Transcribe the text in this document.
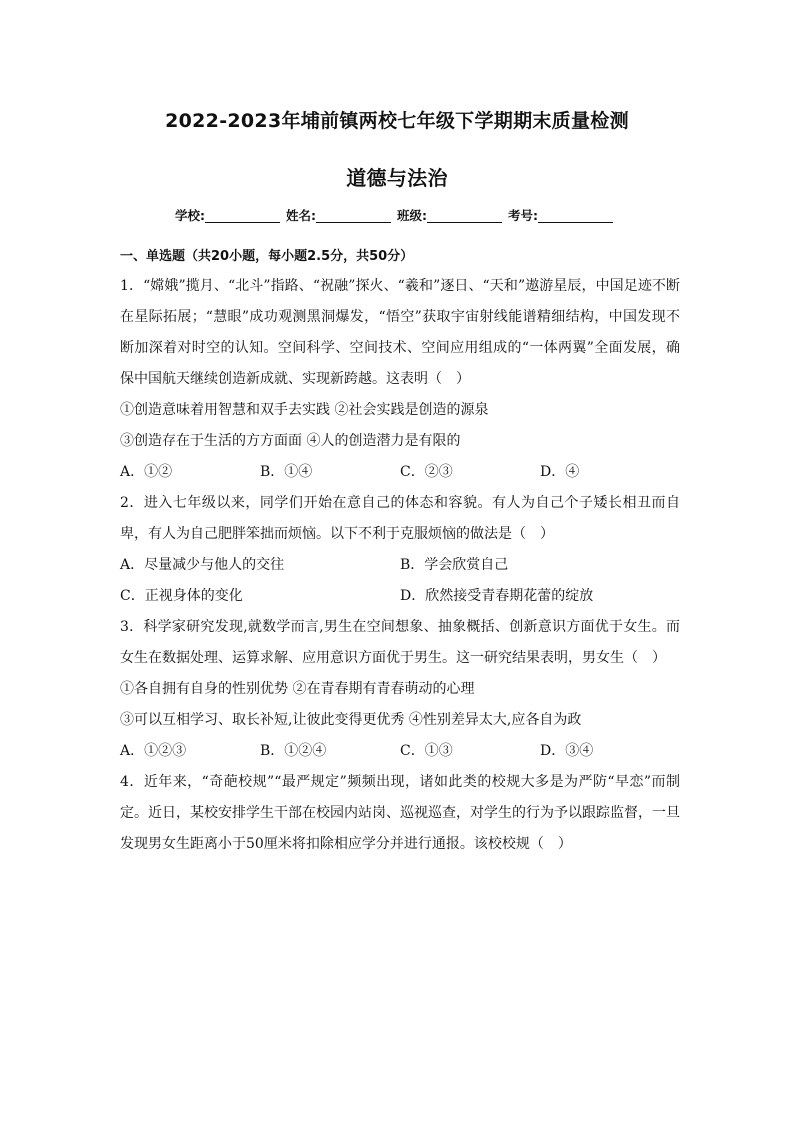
2022-2023年埔前镇两校七年级下学期期末质量检测
道德与法治
学校:	姓名:	班级:	考号:
一、单选题（共20小题，每小题2.5分，共50分）
1．“嫦娥”揽月、“北斗”指路、“祝融”探火、“羲和”逐日、“天和”遨游星辰，中国足迹不断在星际拓展；“慧眼”成功观测黑洞爆发，“悟空”获取宇宙射线能谱精细结构，中国发现不断加深着对时空的认知。空间科学、空间技术、空间应用组成的“一体两翼”全面发展，确保中国航天继续创造新成就、实现新跨越。这表明（　）
①创造意味着用智慧和双手去实践 ②社会实践是创造的源泉
③创造存在于生活的方方面面 ④人的创造潜力是有限的
A．①②	B．①④	C．②③	D．④
2．进入七年级以来，同学们开始在意自己的体态和容貌。有人为自己个子矮长相丑而自卑，有人为自己肥胖笨拙而烦恼。以下不利于克服烦恼的做法是（　）
A．尽量减少与他人的交往	B．学会欣赏自己
C．正视身体的变化	D．欣然接受青春期花蕾的绽放
3．科学家研究发现,就数学而言,男生在空间想象、抽象概括、创新意识方面优于女生。而女生在数据处理、运算求解、应用意识方面优于男生。这一研究结果表明，男女生（　）
①各自拥有自身的性别优势 ②在青春期有青春萌动的心理
③可以互相学习、取长补短,让彼此变得更优秀 ④性别差异太大,应各自为政
A．①②③	B．①②④	C．①③	D．③④
4．近年来，“奇葩校规”“最严规定”频频出现，诸如此类的校规大多是为严防“早恋”而制定。近日，某校安排学生干部在校园内站岗、巡视巡查，对学生的行为予以跟踪监督，一旦发现男女生距离小于50厘米将扣除相应学分并进行通报。该校校规（　）
